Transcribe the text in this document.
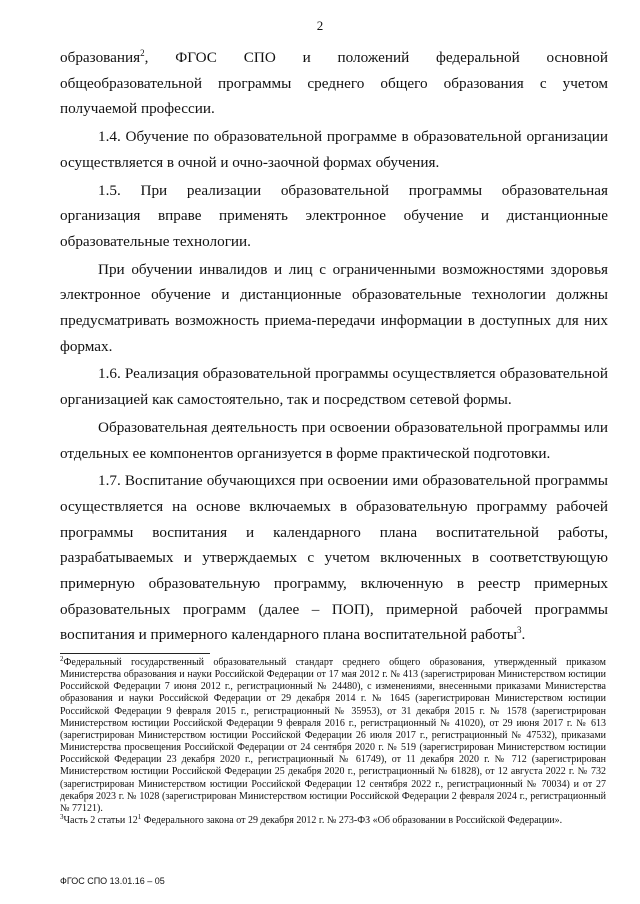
2

образования$^2$, ФГОС СПО и положений федеральной основной общеобразовательной программы среднего общего образования с учетом получаемой профессии.

1.4. Обучение по образовательной программе в образовательной организации осуществляется в очной и очно-заочной формах обучения.

1.5. При реализации образовательной программы образовательная организация вправе применять электронное обучение и дистанционные образовательные технологии.

При обучении инвалидов и лиц с ограниченными возможностями здоровья электронное обучение и дистанционные образовательные технологии должны предусматривать возможность приема-передачи информации в доступных для них формах.

1.6. Реализация образовательной программы осуществляется образовательной организацией как самостоятельно, так и посредством сетевой формы.

Образовательная деятельность при освоении образовательной программы или отдельных ее компонентов организуется в форме практической подготовки.

1.7. Воспитание обучающихся при освоении ими образовательной программы осуществляется на основе включаемых в образовательную программу рабочей программы воспитания и календарного плана воспитательной работы, разрабатываемых и утверждаемых с учетом включенных в соответствующую примерную образовательную программу, включенную в реестр примерных образовательных программ (далее – ПОП), примерной рабочей программы воспитания и примерного календарного плана воспитательной работы$^3$.

$^2$Федеральный государственный образовательный стандарт среднего общего образования, утвержденный приказом Министерства образования и науки Российской Федерации от 17 мая 2012 г. № 413 (зарегистрирован Министерством юстиции Российской Федерации 7 июня 2012 г., регистрационный № 24480), с изменениями, внесенными приказами Министерства образования и науки Российской Федерации от 29 декабря 2014 г. № 1645 (зарегистрирован Министерством юстиции Российской Федерации 9 февраля 2015 г., регистрационный № 35953), от 31 декабря 2015 г. № 1578 (зарегистрирован Министерством юстиции Российской Федерации 9 февраля 2016 г., регистрационный № 41020), от 29 июня 2017 г. № 613 (зарегистрирован Министерством юстиции Российской Федерации 26 июля 2017 г., регистрационный № 47532), приказами Министерства просвещения Российской Федерации от 24 сентября 2020 г. № 519 (зарегистрирован Министерством юстиции Российской Федерации 23 декабря 2020 г., регистрационный № 61749), от 11 декабря 2020 г. № 712 (зарегистрирован Министерством юстиции Российской Федерации 25 декабря 2020 г., регистрационный № 61828), от 12 августа 2022 г. № 732 (зарегистрирован Министерством юстиции Российской Федерации 12 сентября 2022 г., регистрационный № 70034) и от 27 декабря 2023 г. № 1028 (зарегистрирован Министерством юстиции Российской Федерации 2 февраля 2024 г., регистрационный № 77121).

$^3$Часть 2 статьи $12^1$ Федерального закона от 29 декабря 2012 г. № 273-ФЗ «Об образовании в Российской Федерации».

ФГОС СПО 13.01.16 – 05
